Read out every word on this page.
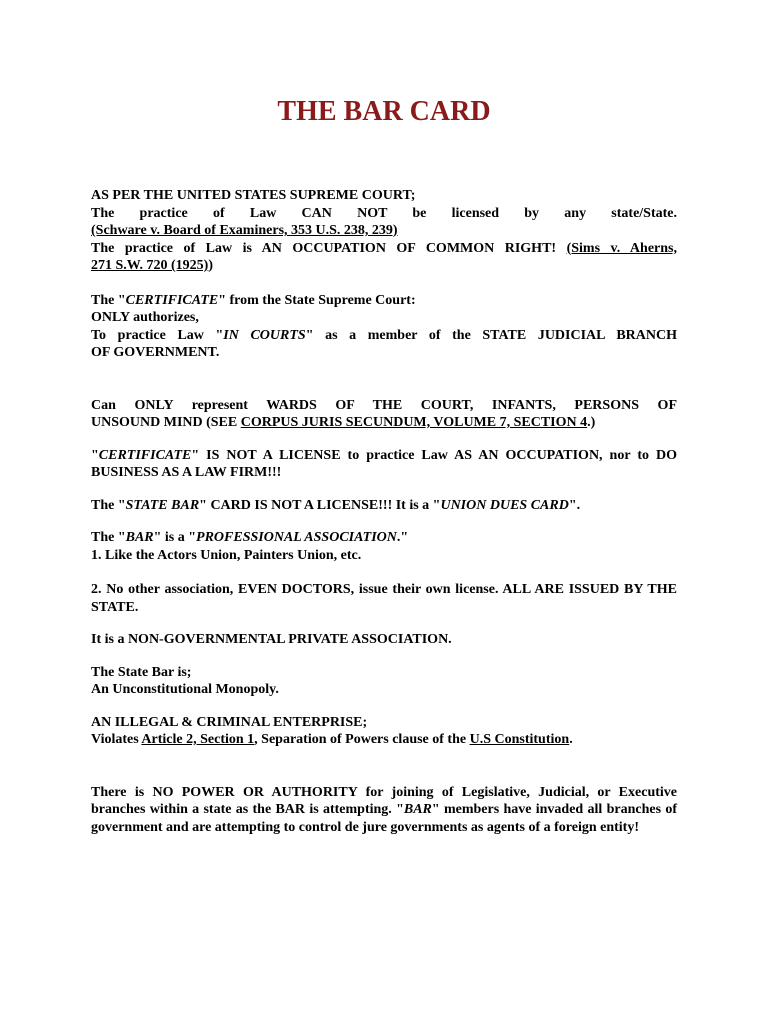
THE BAR CARD

AS PER THE UNITED STATES SUPREME COURT;

The practice of Law CAN NOT be licensed by any state/State.

(Schware v. Board of Examiners, 353 U.S. 238, 239)

The practice of Law is AN OCCUPATION OF COMMON RIGHT! (Sims v. Aherns,

271 S.W. 720 (1925))

The "CERTIFICATE" from the State Supreme Court:

ONLY authorizes,

To practice Law "IN COURTS" as a member of the STATE JUDICIAL BRANCH

OF GOVERNMENT.

Can ONLY represent WARDS OF THE COURT, INFANTS, PERSONS OF

UNSOUND MIND (SEE CORPUS JURIS SECUNDUM, VOLUME 7, SECTION 4.)

"CERTIFICATE" IS NOT A LICENSE to practice Law AS AN OCCUPATION, nor to DO BUSINESS AS A LAW FIRM!!!

The "STATE BAR" CARD IS NOT A LICENSE!!! It is a "UNION DUES CARD".

The "BAR" is a "PROFESSIONAL ASSOCIATION."

1. Like the Actors Union, Painters Union, etc.

2. No other association, EVEN DOCTORS, issue their own license. ALL ARE ISSUED BY THE STATE.

It is a NON-GOVERNMENTAL PRIVATE ASSOCIATION.

The State Bar is;

An Unconstitutional Monopoly.

AN ILLEGAL & CRIMINAL ENTERPRISE;

Violates Article 2, Section 1, Separation of Powers clause of the U.S Constitution.

There is NO POWER OR AUTHORITY for joining of Legislative, Judicial, or Executive branches within a state as the BAR is attempting. "BAR" members have invaded all branches of government and are attempting to control de jure governments as agents of a foreign entity!
